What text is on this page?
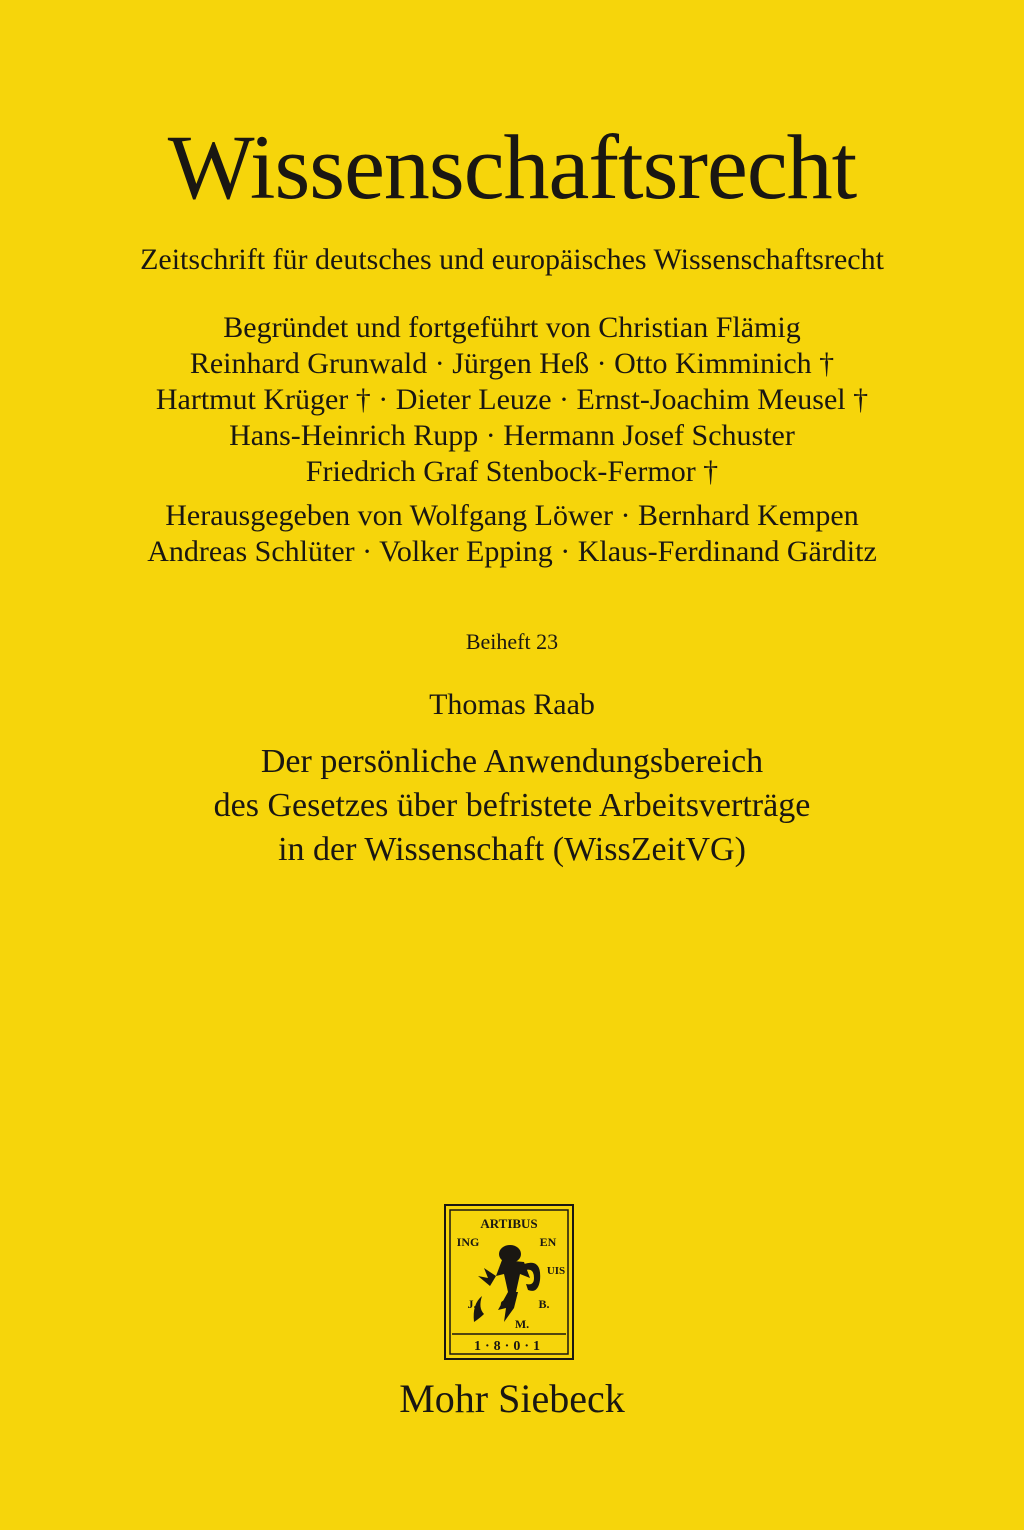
Wissenschaftsrecht
Zeitschrift für deutsches und europäisches Wissenschaftsrecht
Begründet und fortgeführt von Christian Flämig
Reinhard Grunwald · Jürgen Heß · Otto Kimminich †
Hartmut Krüger † · Dieter Leuze · Ernst-Joachim Meusel †
Hans-Heinrich Rupp · Hermann Josef Schuster
Friedrich Graf Stenbock-Fermor †
Herausgegeben von Wolfgang Löwer · Bernhard Kempen
Andreas Schlüter · Volker Epping · Klaus-Ferdinand Gärditz
Beiheft 23
Thomas Raab
Der persönliche Anwendungsbereich
des Gesetzes über befristete Arbeitsverträge
in der Wissenschaft (WissZeitVG)
ARTIBUS
ING	EN
UIS
J. C. B.
M.
1·8·0·1
Mohr Siebeck
